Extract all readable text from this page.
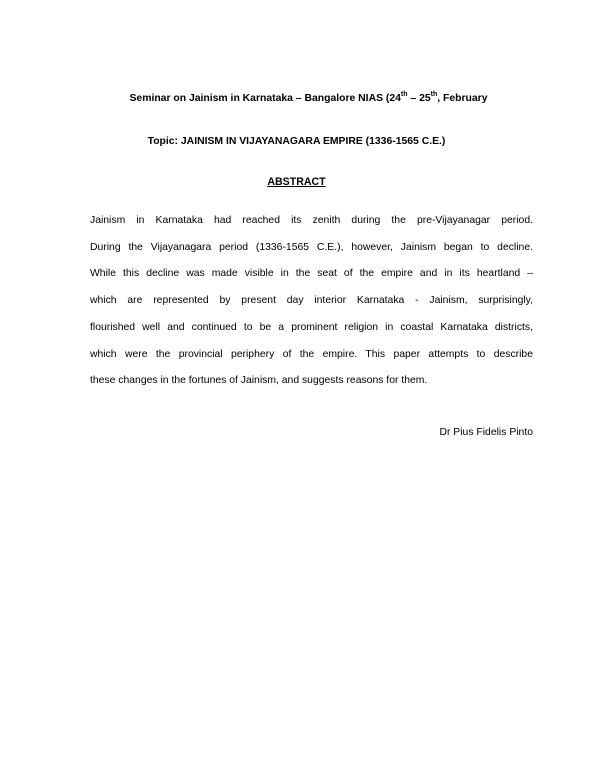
Seminar on Jainism in Karnataka – Bangalore NIAS (24th – 25th, February
Topic: JAINISM IN VIJAYANAGARA EMPIRE (1336-1565 C.E.)
ABSTRACT
Jainism in Karnataka had reached its zenith during the pre-Vijayanagar period.
During the Vijayanagara period (1336-1565 C.E.), however, Jainism began to decline.
While this decline was made visible in the seat of the empire and in its heartland –
which are represented by present day interior Karnataka - Jainism, surprisingly,
flourished well and continued to be a prominent religion in coastal Karnataka districts,
which were the provincial periphery of the empire. This paper attempts to describe
these changes in the fortunes of Jainism, and suggests reasons for them.
Dr Pius Fidelis Pinto
